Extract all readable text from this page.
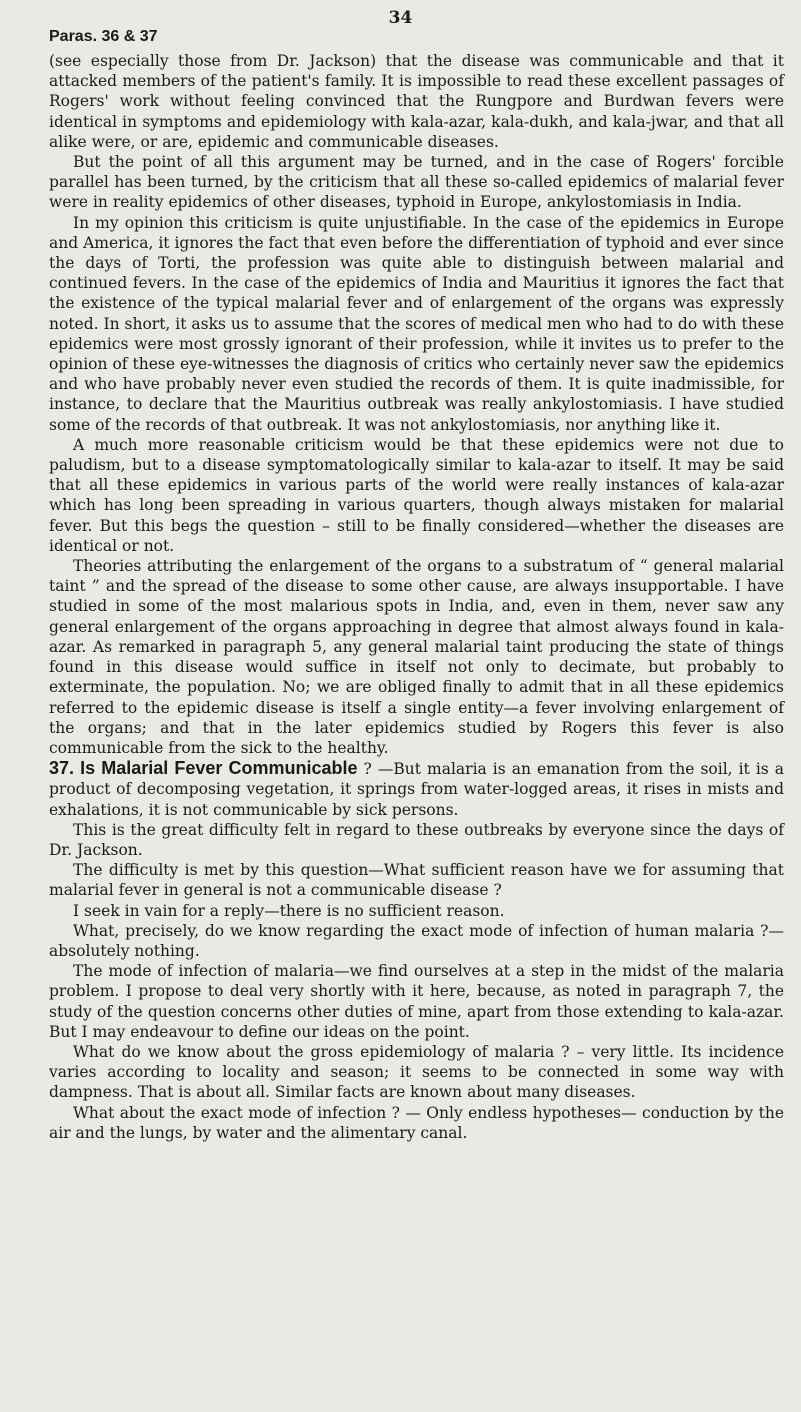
34
Paras. 36 & 37

(see especially those from Dr. Jackson) that the disease was communicable and that it attacked members of the patient's family. It is impossible to read these excellent passages of Rogers' work without feeling convinced that the Rungpore and Burdwan fevers were identical in symptoms and epidemiology with kala-azar, kala-dukh, and kala-jwar, and that all alike were, or are, epidemic and communicable diseases.

But the point of all this argument may be turned, and in the case of Rogers' forcible parallel has been turned, by the criticism that all these so-called epidemics of malarial fever were in reality epidemics of other diseases, typhoid in Europe, ankylostomiasis in India.

In my opinion this criticism is quite unjustifiable. In the case of the epidemics in Europe and America, it ignores the fact that even before the differentiation of typhoid and ever since the days of Torti, the profession was quite able to distinguish between malarial and continued fevers. In the case of the epidemics of India and Mauritius it ignores the fact that the existence of the typical malarial fever and of enlargement of the organs was expressly noted. In short, it asks us to assume that the scores of medical men who had to do with these epidemics were most grossly ignorant of their profession, while it invites us to prefer to the opinion of these eye-witnesses the diagnosis of critics who certainly never saw the epidemics and who have probably never even studied the records of them. It is quite inadmissible, for instance, to declare that the Mauritius outbreak was really ankylostomiasis. I have studied some of the records of that outbreak. It was not ankylostomiasis, nor anything like it.

A much more reasonable criticism would be that these epidemics were not due to paludism, but to a disease symptomatologically similar to kala-azar to itself. It may be said that all these epidemics in various parts of the world were really instances of kala-azar which has long been spreading in various quarters, though always mistaken for malarial fever. But this begs the question – still to be finally considered—whether the diseases are identical or not.

Theories attributing the enlargement of the organs to a substratum of “ general malarial taint ” and the spread of the disease to some other cause, are always insupportable. I have studied in some of the most malarious spots in India, and, even in them, never saw any general enlargement of the organs approaching in degree that almost always found in kala-azar. As remarked in paragraph 5, any general malarial taint producing the state of things found in this disease would suffice in itself not only to decimate, but probably to exterminate, the population. No; we are obliged finally to admit that in all these epidemics referred to the epidemic disease is itself a single entity—a fever involving enlargement of the organs; and that in the later epidemics studied by Rogers this fever is also communicable from the sick to the healthy.

37. Is Malarial Fever Communicable ? —But malaria is an emanation from the soil, it is a product of decomposing vegetation, it springs from water-logged areas, it rises in mists and exhalations, it is not communicable by sick persons.

This is the great difficulty felt in regard to these outbreaks by everyone since the days of Dr. Jackson.

The difficulty is met by this question—What sufficient reason have we for assuming that malarial fever in general is not a communicable disease ?

I seek in vain for a reply—there is no sufficient reason.

What, precisely, do we know regarding the exact mode of infection of human malaria ?—absolutely nothing.

The mode of infection of malaria—we find ourselves at a step in the midst of the malaria problem. I propose to deal very shortly with it here, because, as noted in paragraph 7, the study of the question concerns other duties of mine, apart from those extending to kala-azar. But I may endeavour to define our ideas on the point.

What do we know about the gross epidemiology of malaria ? – very little. Its incidence varies according to locality and season; it seems to be connected in some way with dampness. That is about all. Similar facts are known about many diseases.

What about the exact mode of infection ? — Only endless hypotheses— conduction by the air and the lungs, by water and the alimentary canal.
